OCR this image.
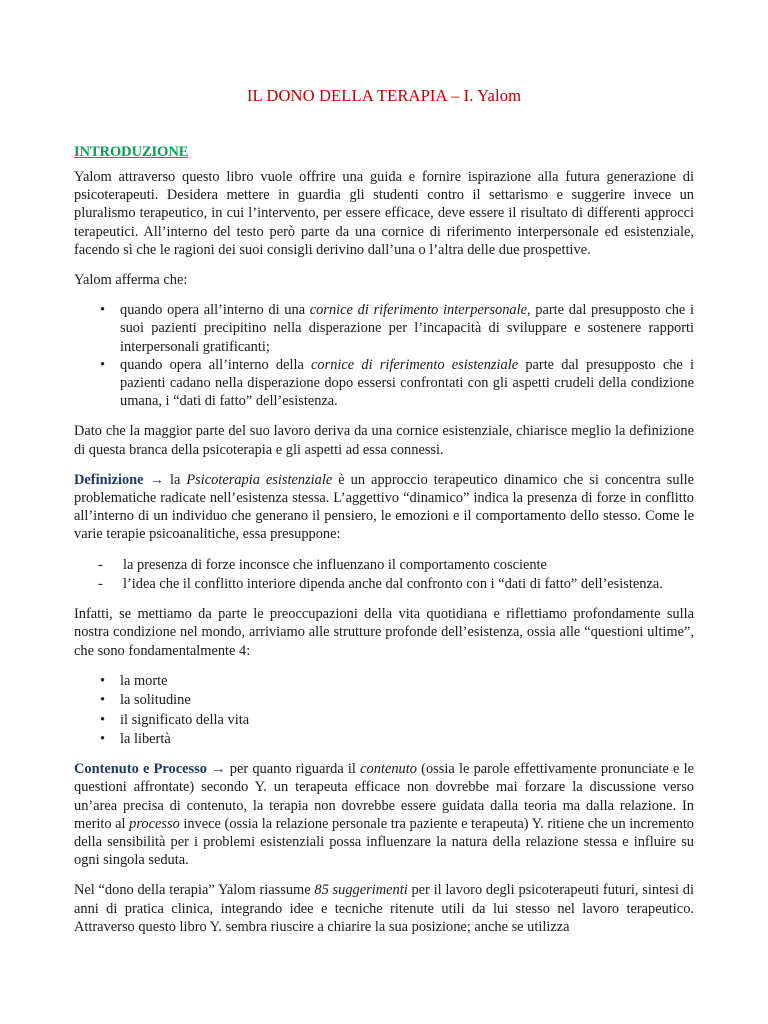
IL DONO DELLA TERAPIA – I. Yalom
INTRODUZIONE

Yalom attraverso questo libro vuole offrire una guida e fornire ispirazione alla futura generazione di psicoterapeuti. Desidera mettere in guardia gli studenti contro il settarismo e suggerire invece un pluralismo terapeutico, in cui l’intervento, per essere efficace, deve essere il risultato di differenti approcci terapeutici. All’interno del testo però parte da una cornice di riferimento interpersonale ed esistenziale, facendo sì che le ragioni dei suoi consigli derivino dall’una o l’altra delle due prospettive.

Yalom afferma che:

• quando opera all’interno di una cornice di riferimento interpersonale, parte dal presupposto che i suoi pazienti precipitino nella disperazione per l’incapacità di sviluppare e sostenere rapporti interpersonali gratificanti;
• quando opera all’interno della cornice di riferimento esistenziale parte dal presupposto che i pazienti cadano nella disperazione dopo essersi confrontati con gli aspetti crudeli della condizione umana, i “dati di fatto” dell’esistenza.

Dato che la maggior parte del suo lavoro deriva da una cornice esistenziale, chiarisce meglio la definizione di questa branca della psicoterapia e gli aspetti ad essa connessi.

Definizione → la Psicoterapia esistenziale è un approccio terapeutico dinamico che si concentra sulle        problematiche radicate nell’esistenza stessa. L’aggettivo “dinamico” indica la presenza di forze in conflitto all’interno di un individuo che generano il pensiero, le emozioni e il comportamento dello stesso. Come le varie terapie psicoanalitiche, essa presuppone:

- la presenza di forze inconsce che influenzano il comportamento cosciente
- l’idea che il conflitto interiore dipenda anche dal confronto con i “dati di fatto” dell’esistenza.

Infatti, se mettiamo da parte le preoccupazioni della vita quotidiana e riflettiamo profondamente sulla nostra condizione nel mondo, arriviamo alle strutture profonde dell’esistenza, ossia alle “questioni ultime”, che sono fondamentalmente 4:

• la morte
• la solitudine
• il significato della vita
• la libertà

Contenuto e Processo → per quanto riguarda il contenuto (ossia le parole effettivamente pronunciate e le questioni affrontate) secondo Y. un terapeuta efficace non dovrebbe mai forzare la discussione verso un’area precisa di contenuto, la terapia non dovrebbe essere guidata dalla teoria ma dalla relazione. In merito al processo invece (ossia la relazione personale tra paziente e terapeuta) Y. ritiene che un incremento della sensibilità per i problemi esistenziali possa influenzare la natura della relazione stessa e influire su ogni singola seduta.

Nel “dono della terapia” Yalom riassume 85 suggerimenti per il lavoro degli psicoterapeuti futuri, sintesi di anni di pratica clinica, integrando idee e tecniche ritenute utili da lui stesso nel lavoro terapeutico. Attraverso questo libro Y. sembra riuscire a chiarire la sua posizione; anche se utilizza
